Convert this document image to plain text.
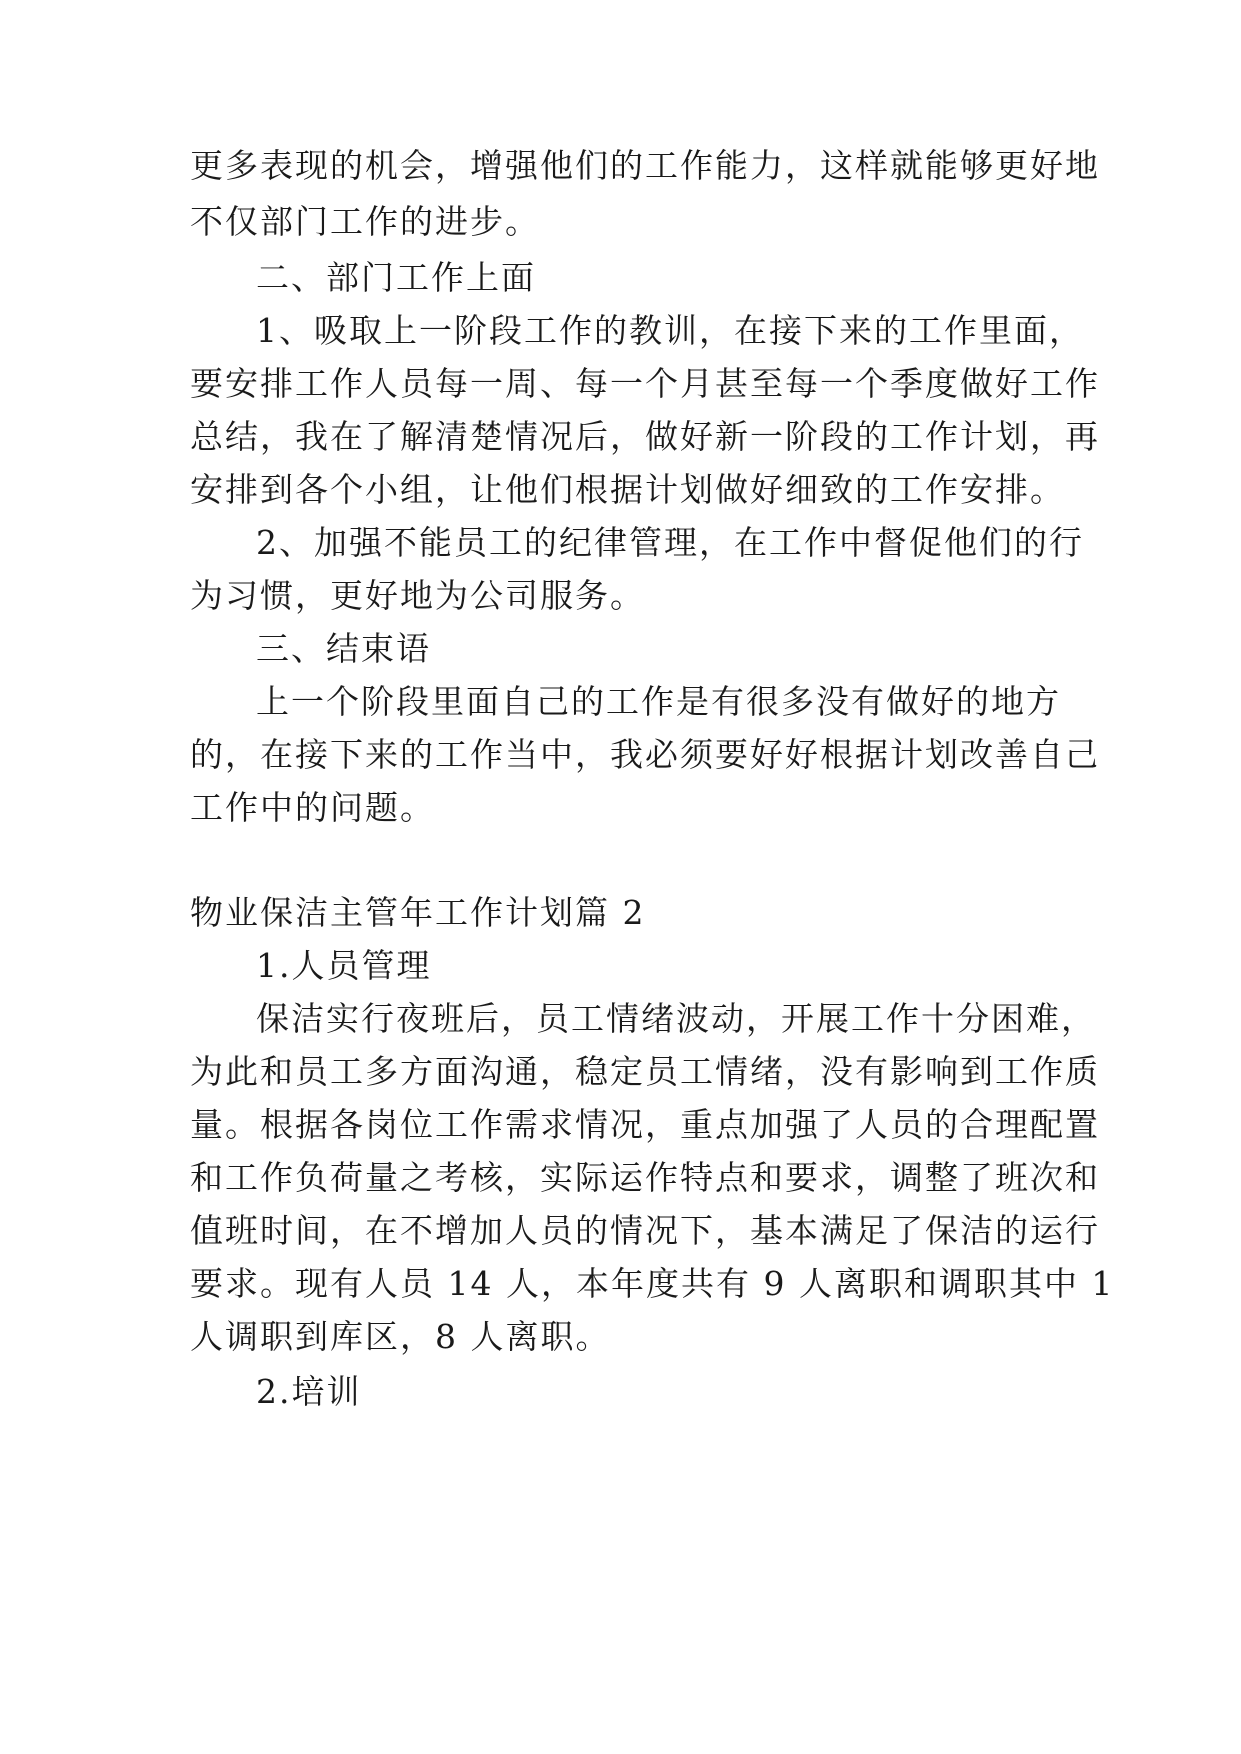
更多表现的机会，增强他们的工作能力，这样就能够更好地

不仅部门工作的进步。

二、部门工作上面

1、吸取上一阶段工作的教训，在接下来的工作里面，

要安排工作人员每一周、每一个月甚至每一个季度做好工作

总结，我在了解清楚情况后，做好新一阶段的工作计划，再

安排到各个小组，让他们根据计划做好细致的工作安排。

2、加强不能员工的纪律管理，在工作中督促他们的行

为习惯，更好地为公司服务。

三、结束语

上一个阶段里面自己的工作是有很多没有做好的地方

的，在接下来的工作当中，我必须要好好根据计划改善自己

工作中的问题。

物业保洁主管年工作计划篇 2

1.人员管理

保洁实行夜班后，员工情绪波动，开展工作十分困难，

为此和员工多方面沟通，稳定员工情绪，没有影响到工作质

量。根据各岗位工作需求情况，重点加强了人员的合理配置

和工作负荷量之考核，实际运作特点和要求，调整了班次和

值班时间，在不增加人员的情况下，基本满足了保洁的运行

要求。现有人员 14 人，本年度共有 9 人离职和调职其中 1

人调职到库区，8 人离职。

2.培训
